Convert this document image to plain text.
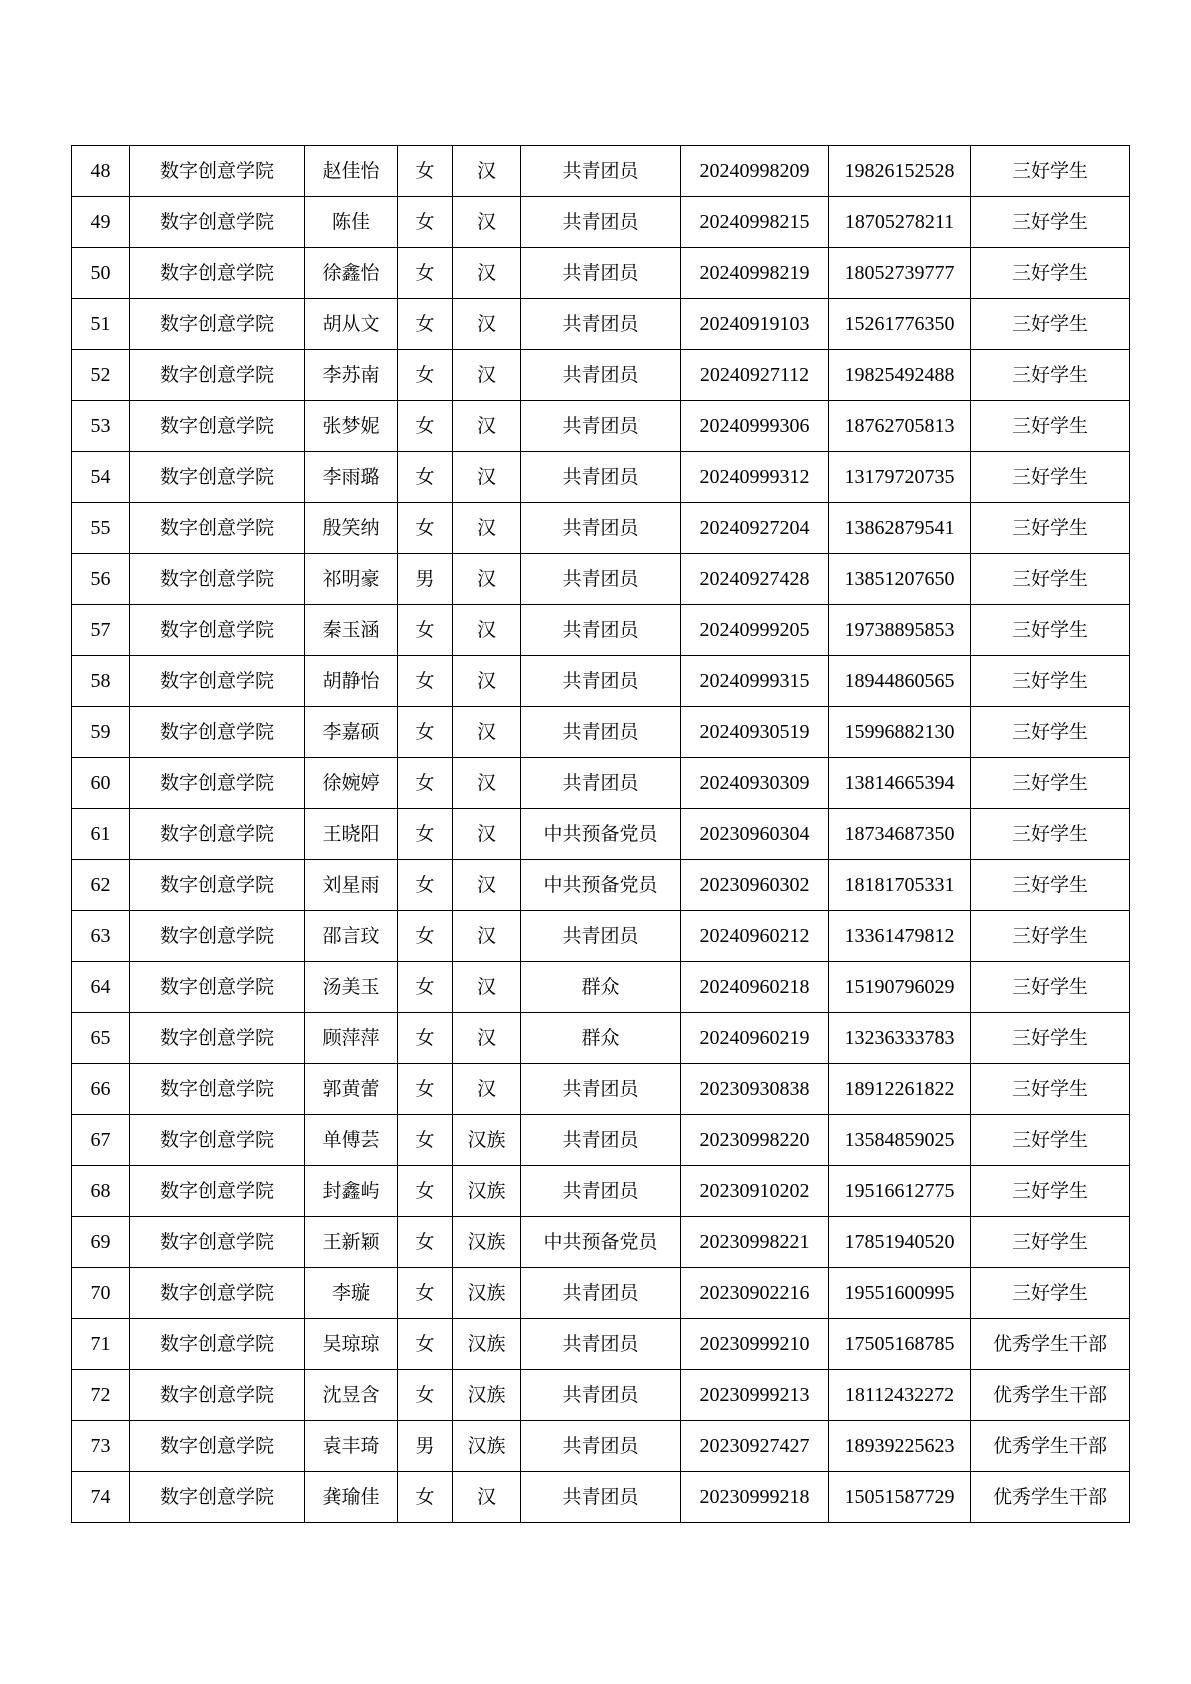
48	数字创意学院	赵佳怡	女	汉	共青团员	20240998209	19826152528	三好学生
49	数字创意学院	陈佳	女	汉	共青团员	20240998215	18705278211	三好学生
50	数字创意学院	徐鑫怡	女	汉	共青团员	20240998219	18052739777	三好学生
51	数字创意学院	胡从文	女	汉	共青团员	20240919103	15261776350	三好学生
52	数字创意学院	李苏南	女	汉	共青团员	20240927112	19825492488	三好学生
53	数字创意学院	张梦妮	女	汉	共青团员	20240999306	18762705813	三好学生
54	数字创意学院	李雨璐	女	汉	共青团员	20240999312	13179720735	三好学生
55	数字创意学院	殷笑纳	女	汉	共青团员	20240927204	13862879541	三好学生
56	数字创意学院	祁明豪	男	汉	共青团员	20240927428	13851207650	三好学生
57	数字创意学院	秦玉涵	女	汉	共青团员	20240999205	19738895853	三好学生
58	数字创意学院	胡静怡	女	汉	共青团员	20240999315	18944860565	三好学生
59	数字创意学院	李嘉硕	女	汉	共青团员	20240930519	15996882130	三好学生
60	数字创意学院	徐婉婷	女	汉	共青团员	20240930309	13814665394	三好学生
61	数字创意学院	王晓阳	女	汉	中共预备党员	20230960304	18734687350	三好学生
62	数字创意学院	刘星雨	女	汉	中共预备党员	20230960302	18181705331	三好学生
63	数字创意学院	邵言玟	女	汉	共青团员	20240960212	13361479812	三好学生
64	数字创意学院	汤美玉	女	汉	群众	20240960218	15190796029	三好学生
65	数字创意学院	顾萍萍	女	汉	群众	20240960219	13236333783	三好学生
66	数字创意学院	郭黄蕾	女	汉	共青团员	20230930838	18912261822	三好学生
67	数字创意学院	单傅芸	女	汉族	共青团员	20230998220	13584859025	三好学生
68	数字创意学院	封鑫屿	女	汉族	共青团员	20230910202	19516612775	三好学生
69	数字创意学院	王新颖	女	汉族	中共预备党员	20230998221	17851940520	三好学生
70	数字创意学院	李璇	女	汉族	共青团员	20230902216	19551600995	三好学生
71	数字创意学院	吴琼琼	女	汉族	共青团员	20230999210	17505168785	优秀学生干部
72	数字创意学院	沈昱含	女	汉族	共青团员	20230999213	18112432272	优秀学生干部
73	数字创意学院	袁丰琦	男	汉族	共青团员	20230927427	18939225623	优秀学生干部
74	数字创意学院	龚瑜佳	女	汉	共青团员	20230999218	15051587729	优秀学生干部
